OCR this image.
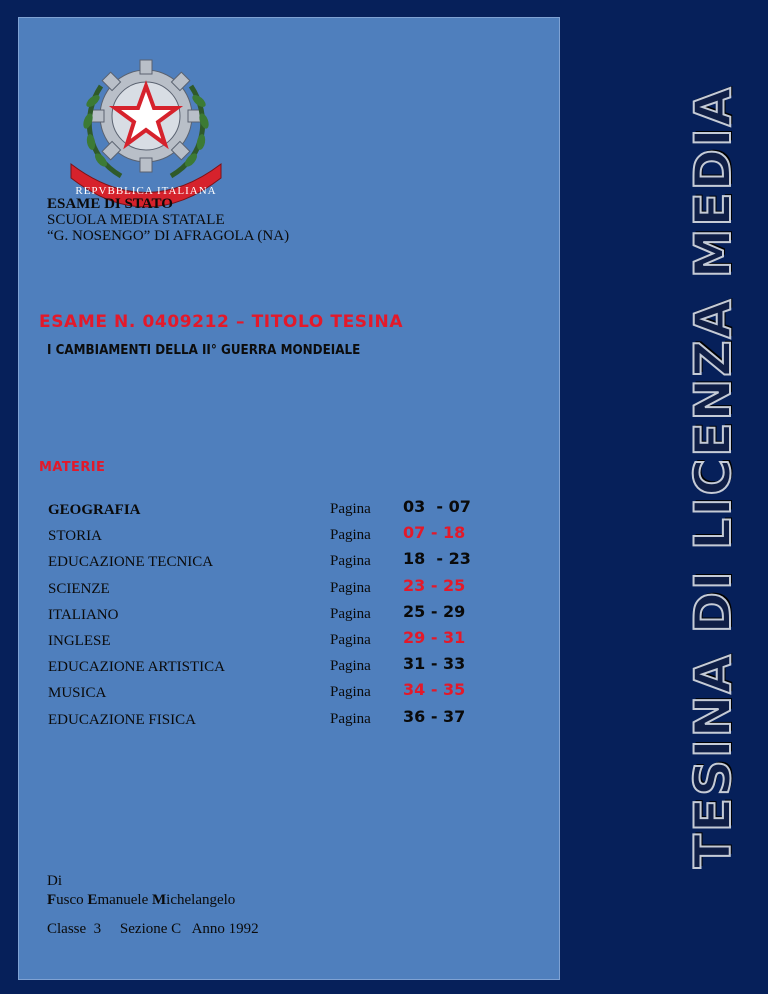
REPVBBLICA ITALIANA
ESAME DI STATO
SCUOLA MEDIA STATALE
“G. NOSENGO” DI AFRAGOLA (NA)
ESAME N. 0409212 – TITOLO TESINA
I CAMBIAMENTI DELLA II° GUERRA MONDEIALE
MATERIE
GEOGRAFIA	Pagina 03  - 07
STORIA	Pagina 07 - 18
EDUCAZIONE TECNICA	Pagina 18  - 23
SCIENZE	Pagina 23 - 25
ITALIANO	Pagina 25 - 29
INGLESE	Pagina 29 - 31
EDUCAZIONE ARTISTICA	Pagina 31 - 33
MUSICA	Pagina 34 - 35
EDUCAZIONE FISICA	Pagina 36 - 37
Di
Fusco Emanuele Michelangelo
Classe  3     Sezione C   Anno 1992
TESINA DI LICENZA MEDIA
